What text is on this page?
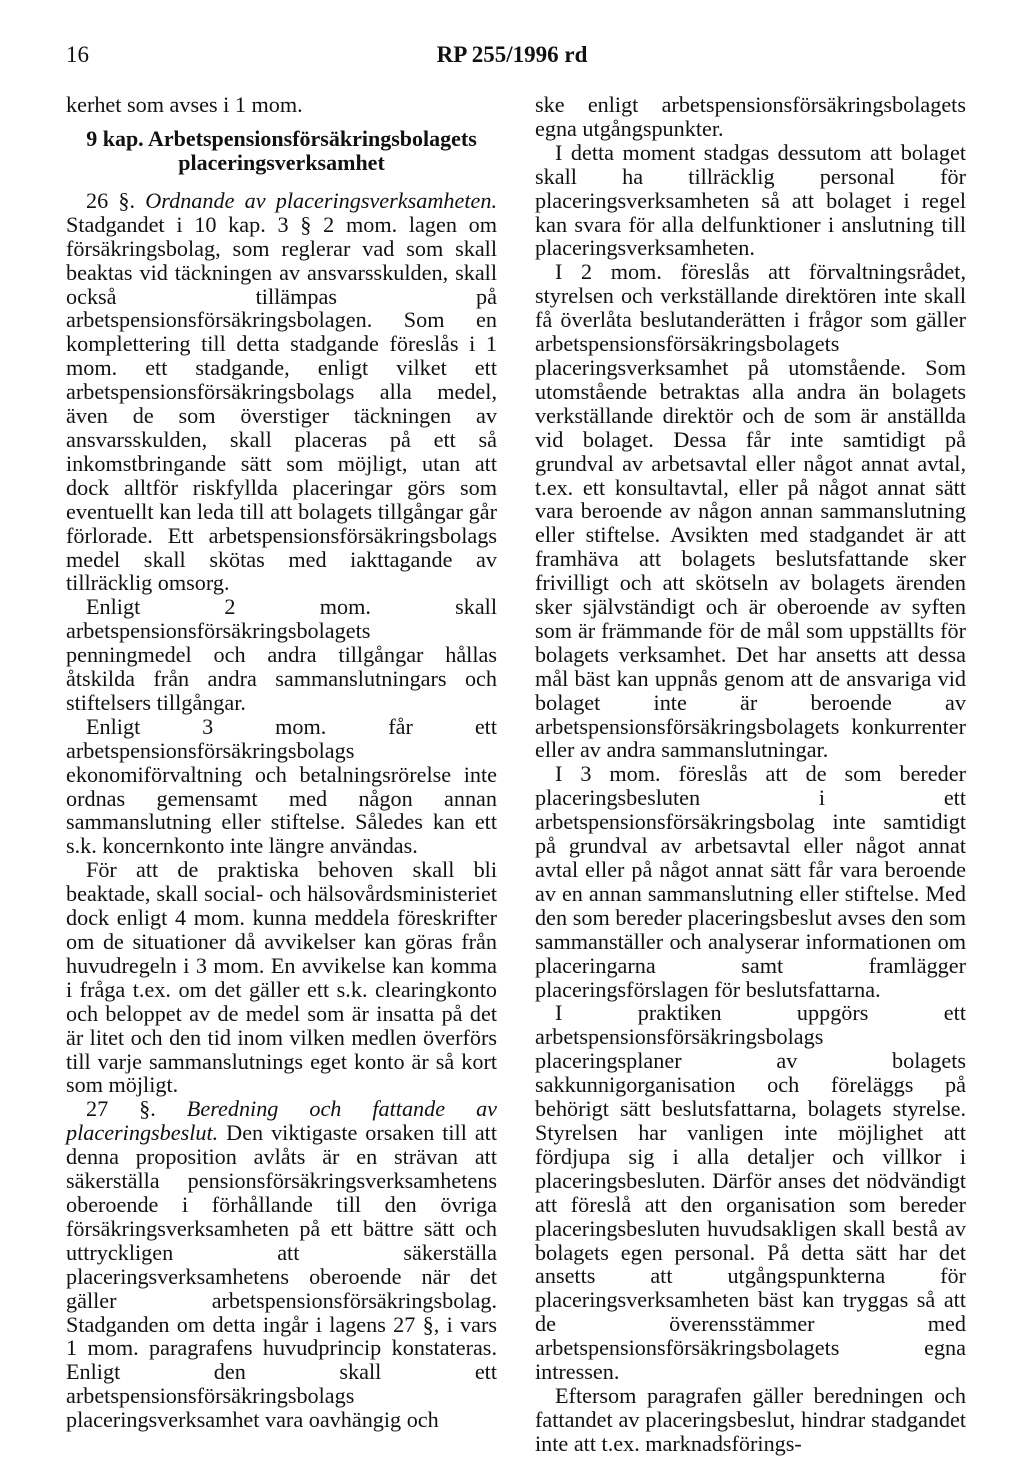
16	RP 255/1996 rd

kerhet som avses i 1 mom.

9 kap. Arbetspensionsförsäkringsbolagets placeringsverksamhet

26 §. Ordnande av placeringsverksamheten. Stadgandet i 10 kap. 3 § 2 mom. lagen om försäkringsbolag, som reglerar vad som skall beaktas vid täckningen av ansvarsskulden, skall också tillämpas på arbetspensionsförsäkringsbolagen. Som en komplettering till detta stadgande föreslås i 1 mom. ett stadgande, enligt vilket ett arbetspensionsförsäkringsbolags alla medel, även de som överstiger täckningen av ansvarsskulden, skall placeras på ett så inkomstbringande sätt som möjligt, utan att dock alltför riskfyllda placeringar görs som eventuellt kan leda till att bolagets tillgångar går förlorade. Ett arbetspensionsförsäkringsbolags medel skall skötas med iakttagande av tillräcklig omsorg.

Enligt 2 mom. skall arbetspensionsförsäkringsbolagets penningmedel och andra tillgångar hållas åtskilda från andra sammanslutningars och stiftelsers tillgångar.

Enligt 3 mom. får ett arbetspensionsförsäkringsbolags ekonomiförvaltning och betalningsrörelse inte ordnas gemensamt med någon annan sammanslutning eller stiftelse. Således kan ett s.k. koncernkonto inte längre användas.

För att de praktiska behoven skall bli beaktade, skall social- och hälsovårdsministeriet dock enligt 4 mom. kunna meddela föreskrifter om de situationer då avvikelser kan göras från huvudregeln i 3 mom. En avvikelse kan komma i fråga t.ex. om det gäller ett s.k. clearingkonto och beloppet av de medel som är insatta på det är litet och den tid inom vilken medlen överförs till varje sammanslutnings eget konto är så kort som möjligt.

27 §. Beredning och fattande av placeringsbeslut. Den viktigaste orsaken till att denna proposition avlåts är en strävan att säkerställa pensionsförsäkringsverksamhetens oberoende i förhållande till den övriga försäkringsverksamheten på ett bättre sätt och uttryckligen att säkerställa placeringsverksamhetens oberoende när det gäller arbetspensionsförsäkringsbolag. Stadganden om detta ingår i lagens 27 §, i vars 1 mom. paragrafens huvudprincip konstateras. Enligt den skall ett arbetspensionsförsäkringsbolags placeringsverksamhet vara oavhängig och

ske enligt arbetspensionsförsäkringsbolagets egna utgångspunkter.

I detta moment stadgas dessutom att bolaget skall ha tillräcklig personal för placeringsverksamheten så att bolaget i regel kan svara för alla delfunktioner i anslutning till placeringsverksamheten.

I 2 mom. föreslås att förvaltningsrådet, styrelsen och verkställande direktören inte skall få överlåta beslutanderätten i frågor som gäller arbetspensionsförsäkringsbolagets placeringsverksamhet på utomstående. Som utomstående betraktas alla andra än bolagets verkställande direktör och de som är anställda vid bolaget. Dessa får inte samtidigt på grundval av arbetsavtal eller något annat avtal, t.ex. ett konsultavtal, eller på något annat sätt vara beroende av någon annan sammanslutning eller stiftelse. Avsikten med stadgandet är att framhäva att bolagets beslutsfattande sker frivilligt och att skötseln av bolagets ärenden sker självständigt och är oberoende av syften som är främmande för de mål som uppställts för bolagets verksamhet. Det har ansetts att dessa mål bäst kan uppnås genom att de ansvariga vid bolaget inte är beroende av arbetspensionsförsäkringsbolagets konkurrenter eller av andra sammanslutningar.

I 3 mom. föreslås att de som bereder placeringsbesluten i ett arbetspensionsförsäkringsbolag inte samtidigt på grundval av arbetsavtal eller något annat avtal eller på något annat sätt får vara beroende av en annan sammanslutning eller stiftelse. Med den som bereder placeringsbeslut avses den som sammanställer och analyserar informationen om placeringarna samt framlägger placeringsförslagen för beslutsfattarna.

I praktiken uppgörs ett arbetspensionsförsäkringsbolags placeringsplaner av bolagets sakkunnigorganisation och föreläggs på behörigt sätt beslutsfattarna, bolagets styrelse. Styrelsen har vanligen inte möjlighet att fördjupa sig i alla detaljer och villkor i placeringsbesluten. Därför anses det nödvändigt att föreslå att den organisation som bereder placeringsbesluten huvudsakligen skall bestå av bolagets egen personal. På detta sätt har det ansetts att utgångspunkterna för placeringsverksamheten bäst kan tryggas så att de överensstämmer med arbetspensionsförsäkringsbolagets egna intressen.

Eftersom paragrafen gäller beredningen och fattandet av placeringsbeslut, hindrar stadgandet inte att t.ex. marknadsförings-
